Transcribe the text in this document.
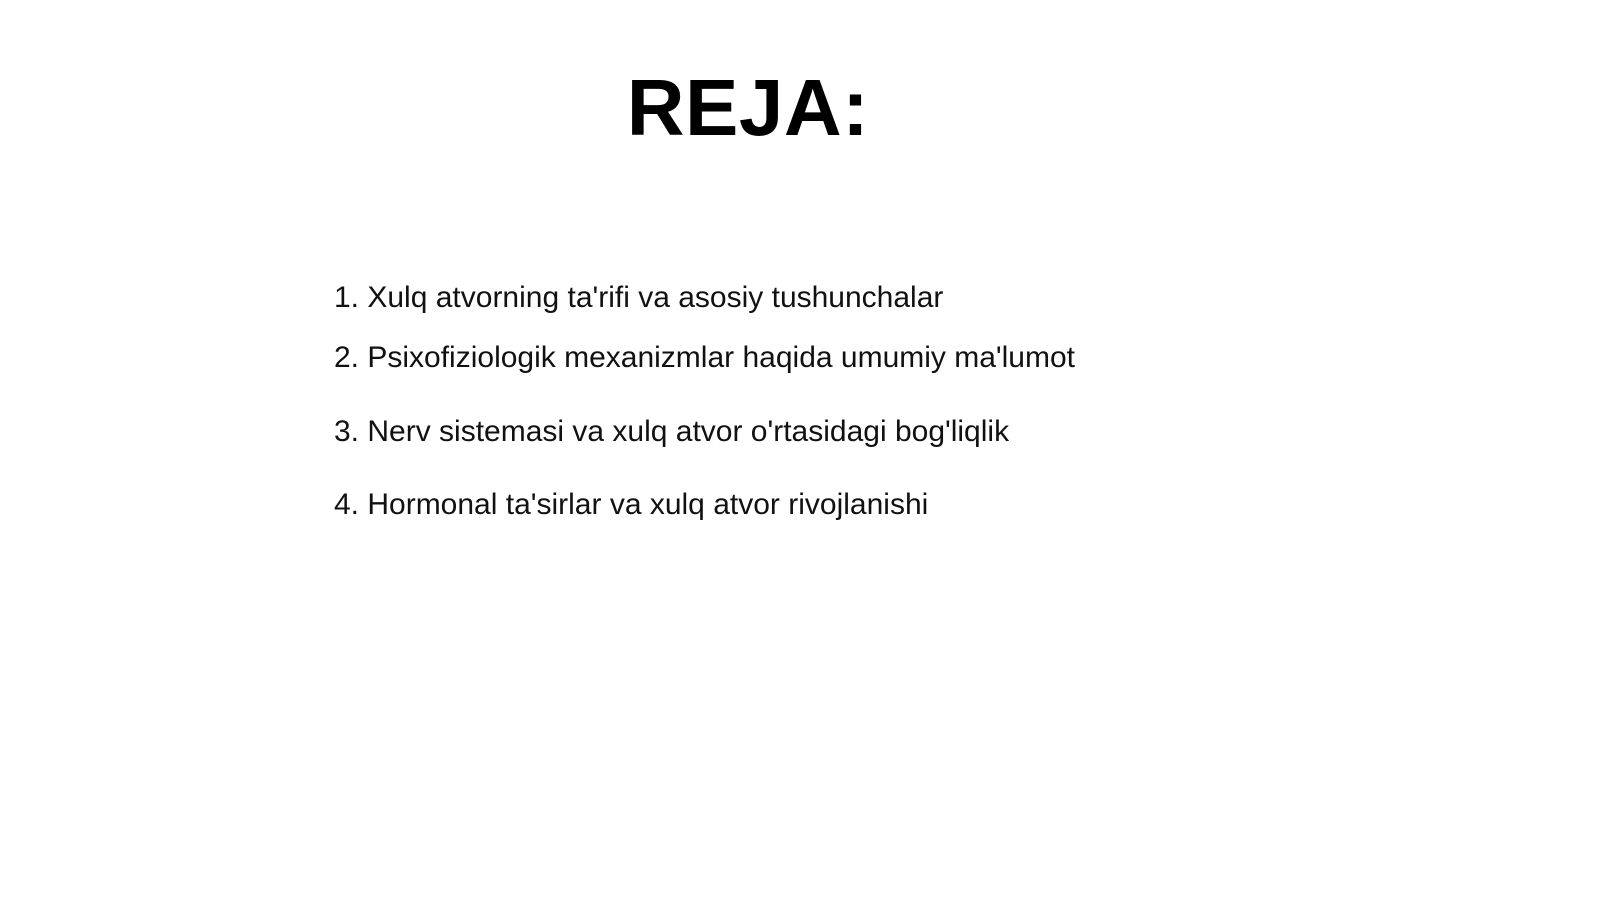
REJA:
1. Xulq atvorning ta'rifi va asosiy tushunchalar
2. Psixofiziologik mexanizmlar haqida umumiy ma'lumot
3. Nerv sistemasi va xulq atvor o'rtasidagi bog'liqlik
4. Hormonal ta'sirlar va xulq atvor rivojlanishi
